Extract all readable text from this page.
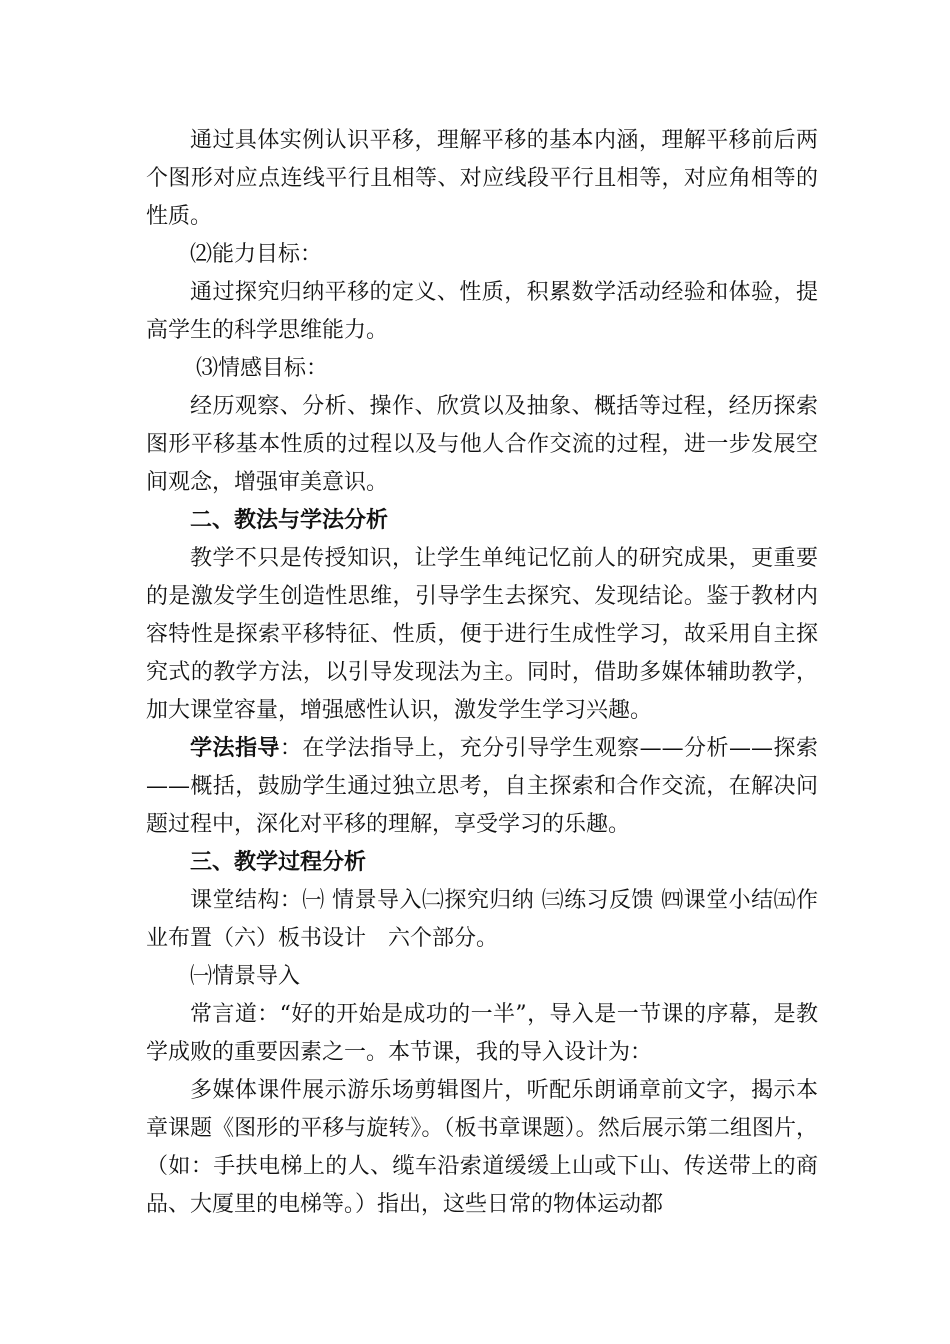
通过具体实例认识平移，理解平移的基本内涵，理解平移前后两个图形对应点连线平行且相等、对应线段平行且相等，对应角相等的性质。

⑵能力目标：

通过探究归纳平移的定义、性质，积累数学活动经验和体验，提高学生的科学思维能力。

⑶情感目标：

经历观察、分析、操作、欣赏以及抽象、概括等过程，经历探索图形平移基本性质的过程以及与他人合作交流的过程，进一步发展空间观念，增强审美意识。

二、教法与学法分析

教学不只是传授知识，让学生单纯记忆前人的研究成果，更重要的是激发学生创造性思维，引导学生去探究、发现结论。鉴于教材内容特性是探索平移特征、性质，便于进行生成性学习，故采用自主探究式的教学方法，以引导发现法为主。同时，借助多媒体辅助教学，加大课堂容量，增强感性认识，激发学生学习兴趣。

学法指导：在学法指导上，充分引导学生观察——分析——探索——概括，鼓励学生通过独立思考，自主探索和合作交流，在解决问题过程中，深化对平移的理解，享受学习的乐趣。

三、教学过程分析

课堂结构：㈠ 情景导入㈡探究归纳 ㈢练习反馈 ㈣课堂小结㈤作业布置（六）板书设计　六个部分。

㈠情景导入

常言道：“好的开始是成功的一半”，导入是一节课的序幕，是教学成败的重要因素之一。本节课，我的导入设计为：

多媒体课件展示游乐场剪辑图片，听配乐朗诵章前文字，揭示本章课题《图形的平移与旋转》。（板书章课题）。然后展示第二组图片，（如：手扶电梯上的人、缆车沿索道缓缓上山或下山、传送带上的商品、大厦里的电梯等。）指出，这些日常的物体运动都
